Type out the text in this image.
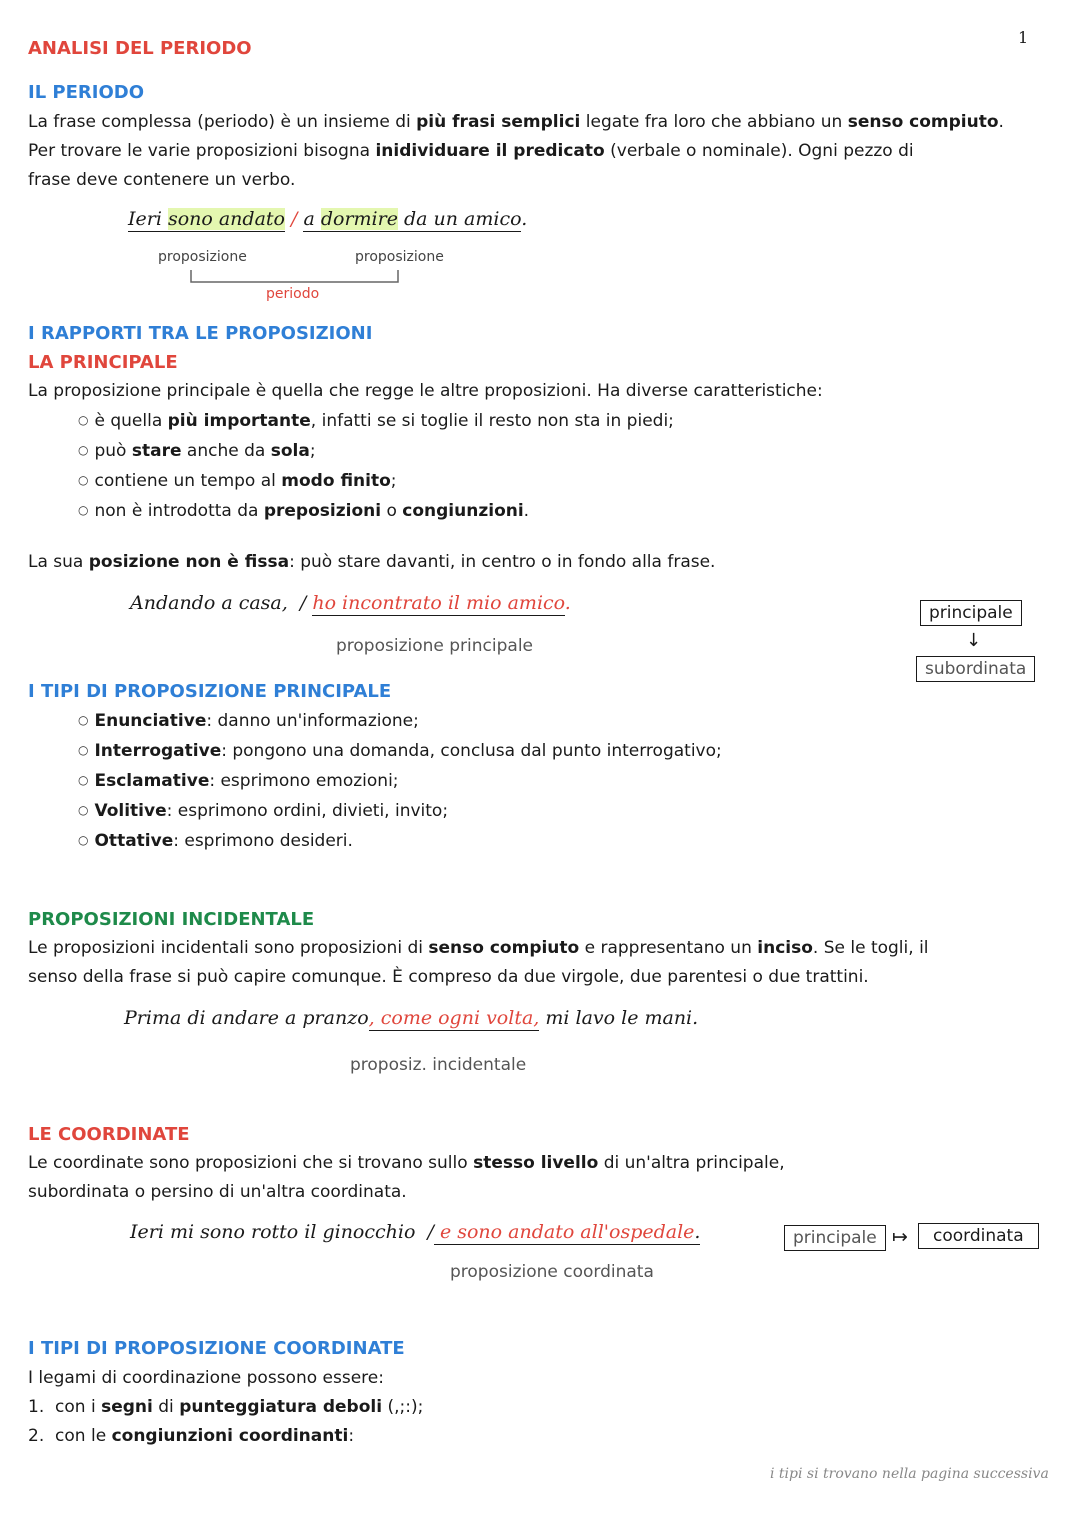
1
ANALISI DEL PERIODO
IL PERIODO
La frase complessa (periodo) è un insieme di più frasi semplici legate fra loro che abbiano un senso compiuto.
Per trovare le varie proposizioni bisogna inidividuare il predicato (verbale o nominale). Ogni pezzo di
frase deve contenere un verbo.
Ieri sono andato / a dormire da un amico.
proposizione	proposizione
periodo
I RAPPORTI TRA LE PROPOSIZIONI
LA PRINCIPALE
La proposizione principale è quella che regge le altre proposizioni. Ha diverse caratteristiche:
○ è quella più importante, infatti se si toglie il resto non sta in piedi;
○ può stare anche da sola;
○ contiene un tempo al modo finito;
○ non è introdotta da preposizioni o congiunzioni.
La sua posizione non è fissa: può stare davanti, in centro o in fondo alla frase.
Andando a casa, / ho incontrato il mio amico.
proposizione principale
principale
↓
subordinata
I TIPI DI PROPOSIZIONE PRINCIPALE
○ Enunciative: danno un'informazione;
○ Interrogative: pongono una domanda, conclusa dal punto interrogativo;
○ Esclamative: esprimono emozioni;
○ Volitive: esprimono ordini, divieti, invito;
○ Ottative: esprimono desideri.
PROPOSIZIONI INCIDENTALE
Le proposizioni incidentali sono proposizioni di senso compiuto e rappresentano un inciso. Se le togli, il
senso della frase si può capire comunque. È compreso da due virgole, due parentesi o due trattini.
Prima di andare a pranzo, come ogni volta, mi lavo le mani.
proposiz. incidentale
LE COORDINATE
Le coordinate sono proposizioni che si trovano sullo stesso livello di un'altra principale,
subordinata o persino di un'altra coordinata.
Ieri mi sono rotto il ginocchio / e sono andato all'ospedale.
proposizione coordinata
principale ↦	coordinata
I TIPI DI PROPOSIZIONE COORDINATE
I legami di coordinazione possono essere:
1. con i segni di punteggiatura deboli (,;:);
2. con le congiunzioni coordinanti:
i tipi si trovano nella pagina successiva
